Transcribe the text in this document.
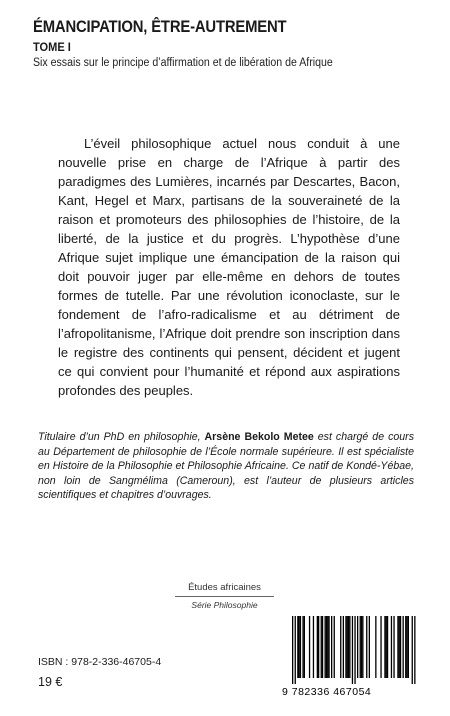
ÉMANCIPATION, ÊTRE-AUTREMENT
TOME I
Six essais sur le principe d’affirmation et de libération de Afrique

L’éveil philosophique actuel nous conduit à une nouvelle prise en charge de l’Afrique à partir des paradigmes des Lumières, incarnés par Descartes, Bacon, Kant, Hegel et Marx, partisans de la souveraineté de la raison et promoteurs des philosophies de l’histoire, de la liberté, de la justice et du progrès. L’hypothèse d’une Afrique sujet implique une émancipation de la raison qui doit pouvoir juger par elle-même en dehors de toutes formes de tutelle. Par une révolution iconoclaste, sur le fondement de l’afro-radicalisme et au détriment de l’afropolitanisme, l’Afrique doit prendre son inscription dans le registre des continents qui pensent, décident et jugent ce qui convient pour l’humanité et répond aux aspirations profondes des peuples.

Titulaire d’un PhD en philosophie, Arsène Bekolo Metee est chargé de cours au Département de philosophie de l’École normale supérieure. Il est spécialiste en Histoire de la Philosophie et Philosophie Africaine. Ce natif de Kondé-Yébae, non loin de Sangmélima (Cameroun), est l’auteur de plusieurs articles scientifiques et chapitres d’ouvrages.

Études africaines
Série Philosophie
ISBN : 978-2-336-46705-4
19 €
9 782336 467054
